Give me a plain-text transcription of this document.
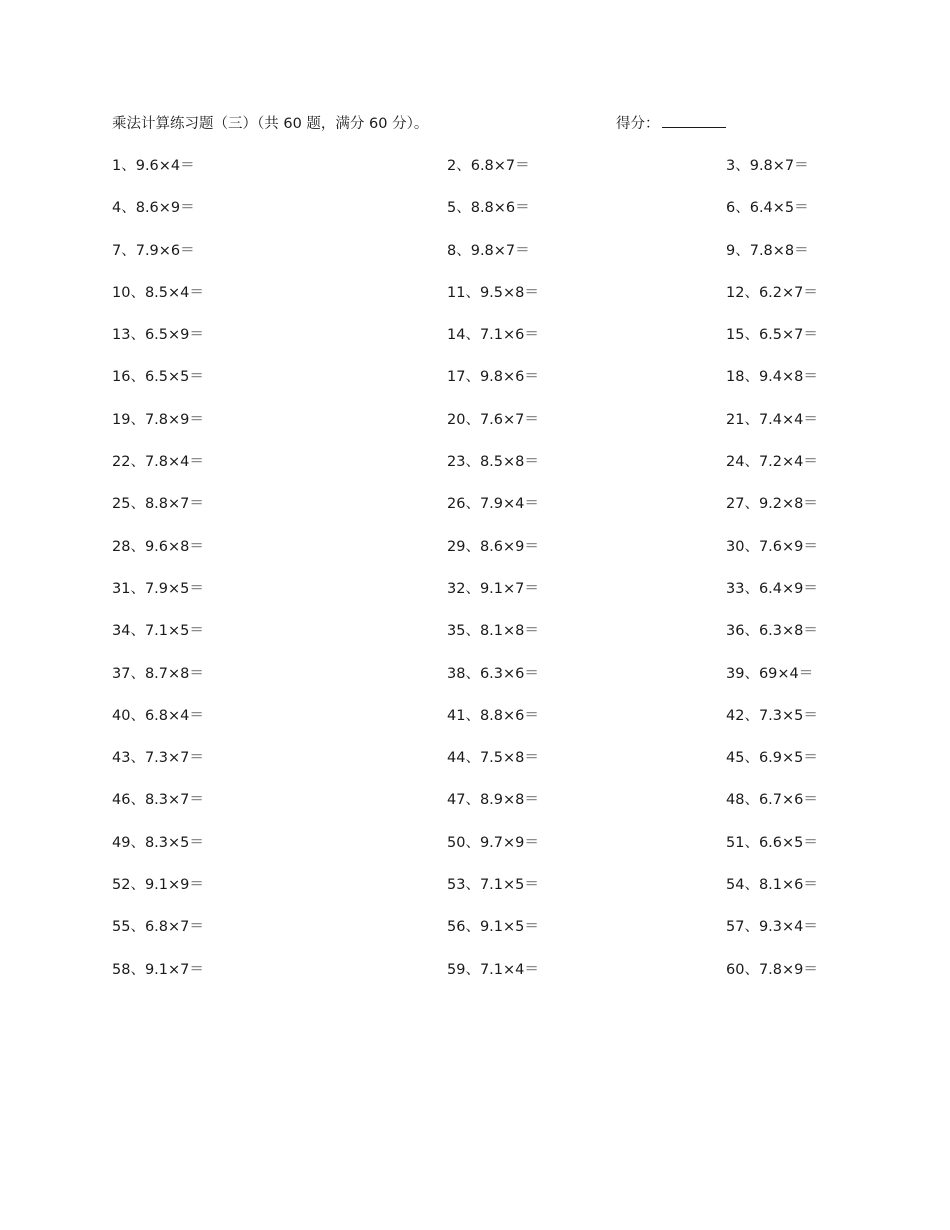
乘法计算练习题（三）（共 60 题，满分 60 分）。	得分：
1、9.6×4＝	2、6.8×7＝	3、9.8×7＝
4、8.6×9＝	5、8.8×6＝	6、6.4×5＝
7、7.9×6＝	8、9.8×7＝	9、7.8×8＝
10、8.5×4＝	11、9.5×8＝	12、6.2×7＝
13、6.5×9＝	14、7.1×6＝	15、6.5×7＝
16、6.5×5＝	17、9.8×6＝	18、9.4×8＝
19、7.8×9＝	20、7.6×7＝	21、7.4×4＝
22、7.8×4＝	23、8.5×8＝	24、7.2×4＝
25、8.8×7＝	26、7.9×4＝	27、9.2×8＝
28、9.6×8＝	29、8.6×9＝	30、7.6×9＝
31、7.9×5＝	32、9.1×7＝	33、6.4×9＝
34、7.1×5＝	35、8.1×8＝	36、6.3×8＝
37、8.7×8＝	38、6.3×6＝	39、69×4＝
40、6.8×4＝	41、8.8×6＝	42、7.3×5＝
43、7.3×7＝	44、7.5×8＝	45、6.9×5＝
46、8.3×7＝	47、8.9×8＝	48、6.7×6＝
49、8.3×5＝	50、9.7×9＝	51、6.6×5＝
52、9.1×9＝	53、7.1×5＝	54、8.1×6＝
55、6.8×7＝	56、9.1×5＝	57、9.3×4＝
58、9.1×7＝	59、7.1×4＝	60、7.8×9＝
